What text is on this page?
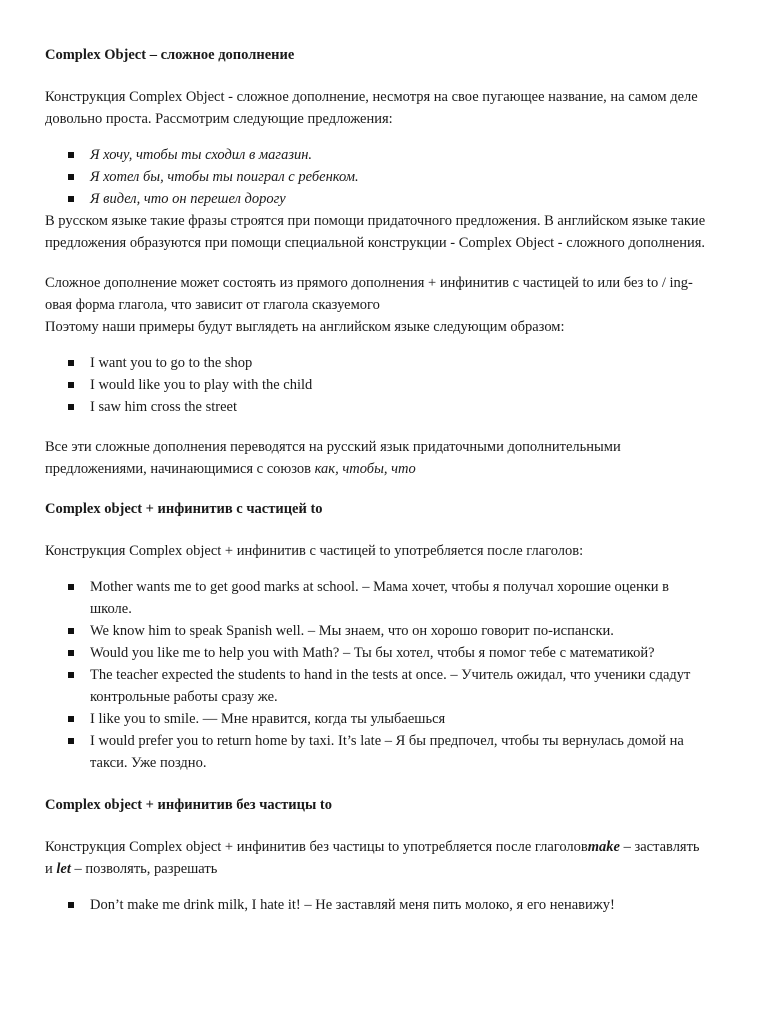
Complex Object – сложное дополнение

Конструкция Complex Object - сложное дополнение, несмотря на свое пугающее название, на самом деле довольно проста. Рассмотрим следующие предложения:

Я хочу, чтобы ты сходил в магазин.
Я хотел бы, чтобы ты поиграл с ребенком.
Я видел, что он перешел дорогу

В русском языке такие фразы строятся при помощи придаточного предложения. В английском языке такие предложения образуются при помощи специальной конструкции - Complex Object - сложного дополнения.

Сложное дополнение может состоять из прямого дополнения + инфинитив с частицей to или без to / ing-овая форма глагола, что зависит от глагола сказуемого

Поэтому наши примеры будут выглядеть на английском языке следующим образом:

I want you to go to the shop
I would like you to play with the child
I saw him cross the street

Все эти сложные дополнения переводятся на русский язык придаточными дополнительными предложениями, начинающимися с союзов как, чтобы, что

Complex object + инфинитив с частицей to

Конструкция Complex object + инфинитив с частицей to употребляется после глаголов:

Mother wants me to get good marks at school. – Мама хочет, чтобы я получал хорошие оценки в школе.
We know him to speak Spanish well. – Мы знаем, что он хорошо говорит по-испански.
Would you like me to help you with Math? – Ты бы хотел, чтобы я помог тебе с математикой?
The teacher expected the students to hand in the tests at once. – Учитель ожидал, что ученики сдадут контрольные работы сразу же.
I like you to smile. — Мне нравится, когда ты улыбаешься
I would prefer you to return home by taxi. It’s late – Я бы предпочел, чтобы ты вернулась домой на такси. Уже поздно.
Complex object + инфинитив без частицы to

Конструкция Complex object + инфинитив без частицы to употребляется после глаголовmake – заставлять и let – позволять, разрешать

Don’t make me drink milk, I hate it! – Не заставляй меня пить молоко, я его ненавижу!
